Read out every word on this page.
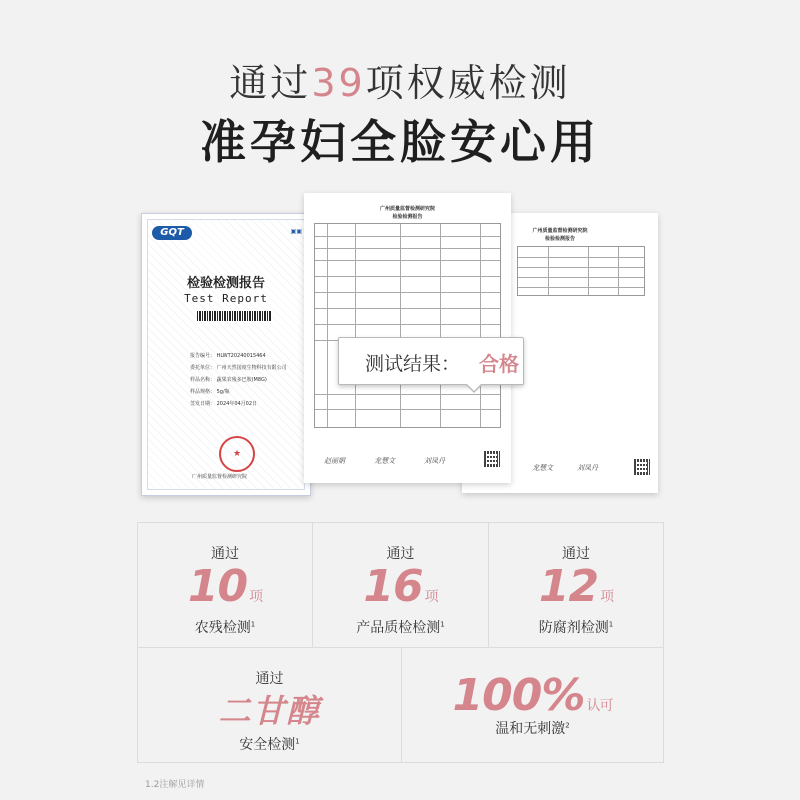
通过39项权威检测
准孕妇全脸安心用
GQT	▣▣
检验检测报告
Test Report
报告编号： HLWT20240015464
委托单位： 广州天然国度生物科技有限公司
样品名称： 蔬果农残多巴胺(M8G)
样品规格： 5g/瓶
签发日期： 2024年04月02日
★
广州质量监督检测研究院
广州质量监督检测研究院
检验检测报告
龙慧文	刘凤丹
广州质量监督检测研究院
检验检测报告
赵丽娟	龙慧文	刘凤丹
测试结果： 合格
通过
10 项
农残检测$^1$
通过
16 项
产品质检检测$^1$
通过
12 项
防腐剂检测$^1$
通过
二甘醇
安全检测$^1$
100% 认可
温和无刺激$^2$
1.2注解见详情
